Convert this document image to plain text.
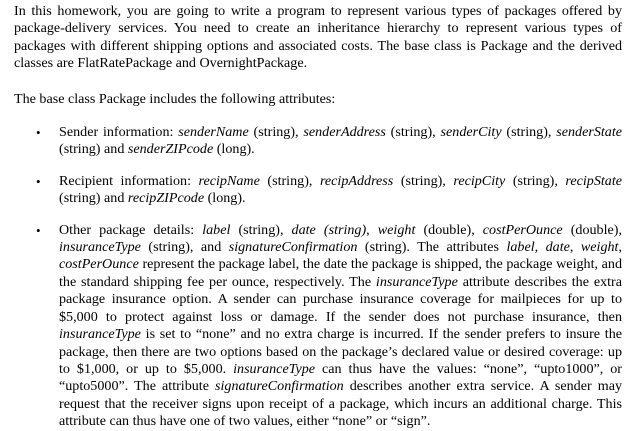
In this homework, you are going to write a program to represent various types of packages offered by package-delivery services. You need to create an inheritance hierarchy to represent various types of packages with different shipping options and associated costs. The base class is Package and the derived classes are FlatRatePackage and OvernightPackage.

The base class Package includes the following attributes:

• Sender information: senderName (string), senderAddress (string), senderCity (string), senderState (string) and senderZIPcode (long).
• Recipient information: recipName (string), recipAddress (string), recipCity (string), recipState (string) and recipZIPcode (long).
• Other package details: label (string), date (string), weight (double), costPerOunce (double), insuranceType (string), and signatureConfirmation (string). The attributes label, date, weight, costPerOunce represent the package label, the date the package is shipped, the package weight, and the standard shipping fee per ounce, respectively. The insuranceType attribute describes the extra package insurance option. A sender can purchase insurance coverage for mailpieces for up to $5,000 to protect against loss or damage. If the sender does not purchase insurance, then insuranceType is set to “none” and no extra charge is incurred. If the sender prefers to insure the package, then there are two options based on the package’s declared value or desired coverage: up to $1,000, or up to $5,000. insuranceType can thus have the values: “none”, “upto1000”, or “upto5000”. The attribute signatureConfirmation describes another extra service. A sender may request that the receiver signs upon receipt of a package, which incurs an additional charge. This attribute can thus have one of two values, either “none” or “sign”.
